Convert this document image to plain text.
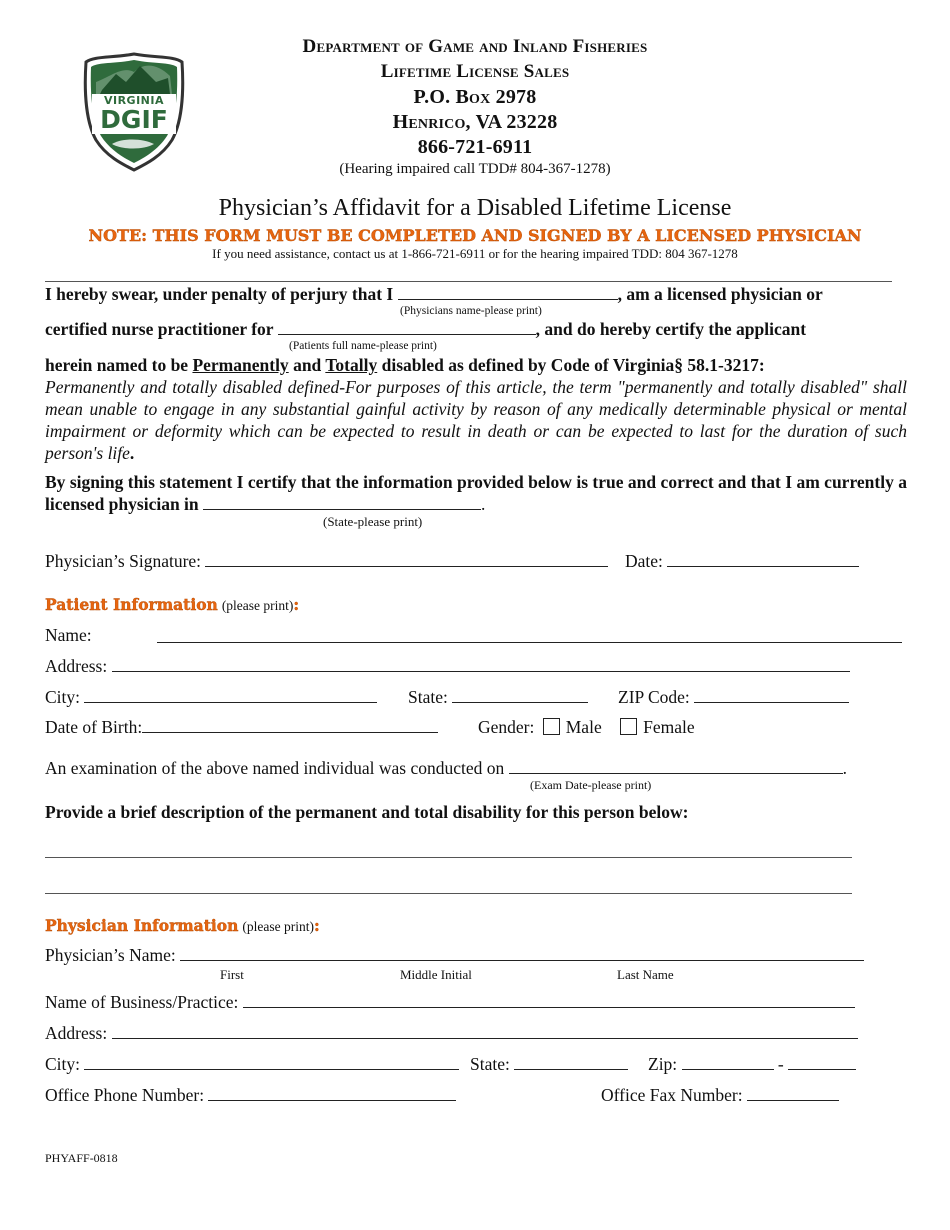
VIRGINIA
DGIF
Department of Game and Inland Fisheries
Lifetime License Sales
P.O. Box 2978
Henrico, VA 23228
866-721-6911
(Hearing impaired call TDD# 804-367-1278)
Physician’s Affidavit for a Disabled Lifetime License
NOTE: THIS FORM MUST BE COMPLETED AND SIGNED BY A LICENSED PHYSICIAN
If you need assistance, contact us at 1-866-721-6911 or for the hearing impaired TDD: 804 367-1278
I hereby swear, under penalty of perjury that I	, am a licensed physician or
(Physicians name-please print)
certified nurse practitioner for	, and do hereby certify the applicant
(Patients full name-please print)
herein named to be Permanently and Totally disabled as defined by Code of Virginia§ 58.1-3217:
Permanently and totally disabled defined-For purposes of this article, the term "permanently and totally disabled" shall mean unable to engage in any substantial gainful activity by reason of any medically determinable physical or mental impairment or deformity which can be expected to result in death or can be expected to last for the duration of such person's life.
By signing this statement I certify that the information provided below is true and correct and that I am currently a licensed physician in	.
(State-please print)
Physician’s Signature:	Date:
Patient Information (please print):
Name:
Address:
City:	State:	ZIP Code:
Date of Birth:	Gender: Male Female
An examination of the above named individual was conducted on	.
(Exam Date-please print)
Provide a brief description of the permanent and total disability for this person below:
Physician Information (please print):
Physician’s Name:
First	Middle Initial	Last Name
Name of Business/Practice:
Address:
City:	State:	Zip:	-
Office Phone Number:	Office Fax Number:
PHYAFF-0818
